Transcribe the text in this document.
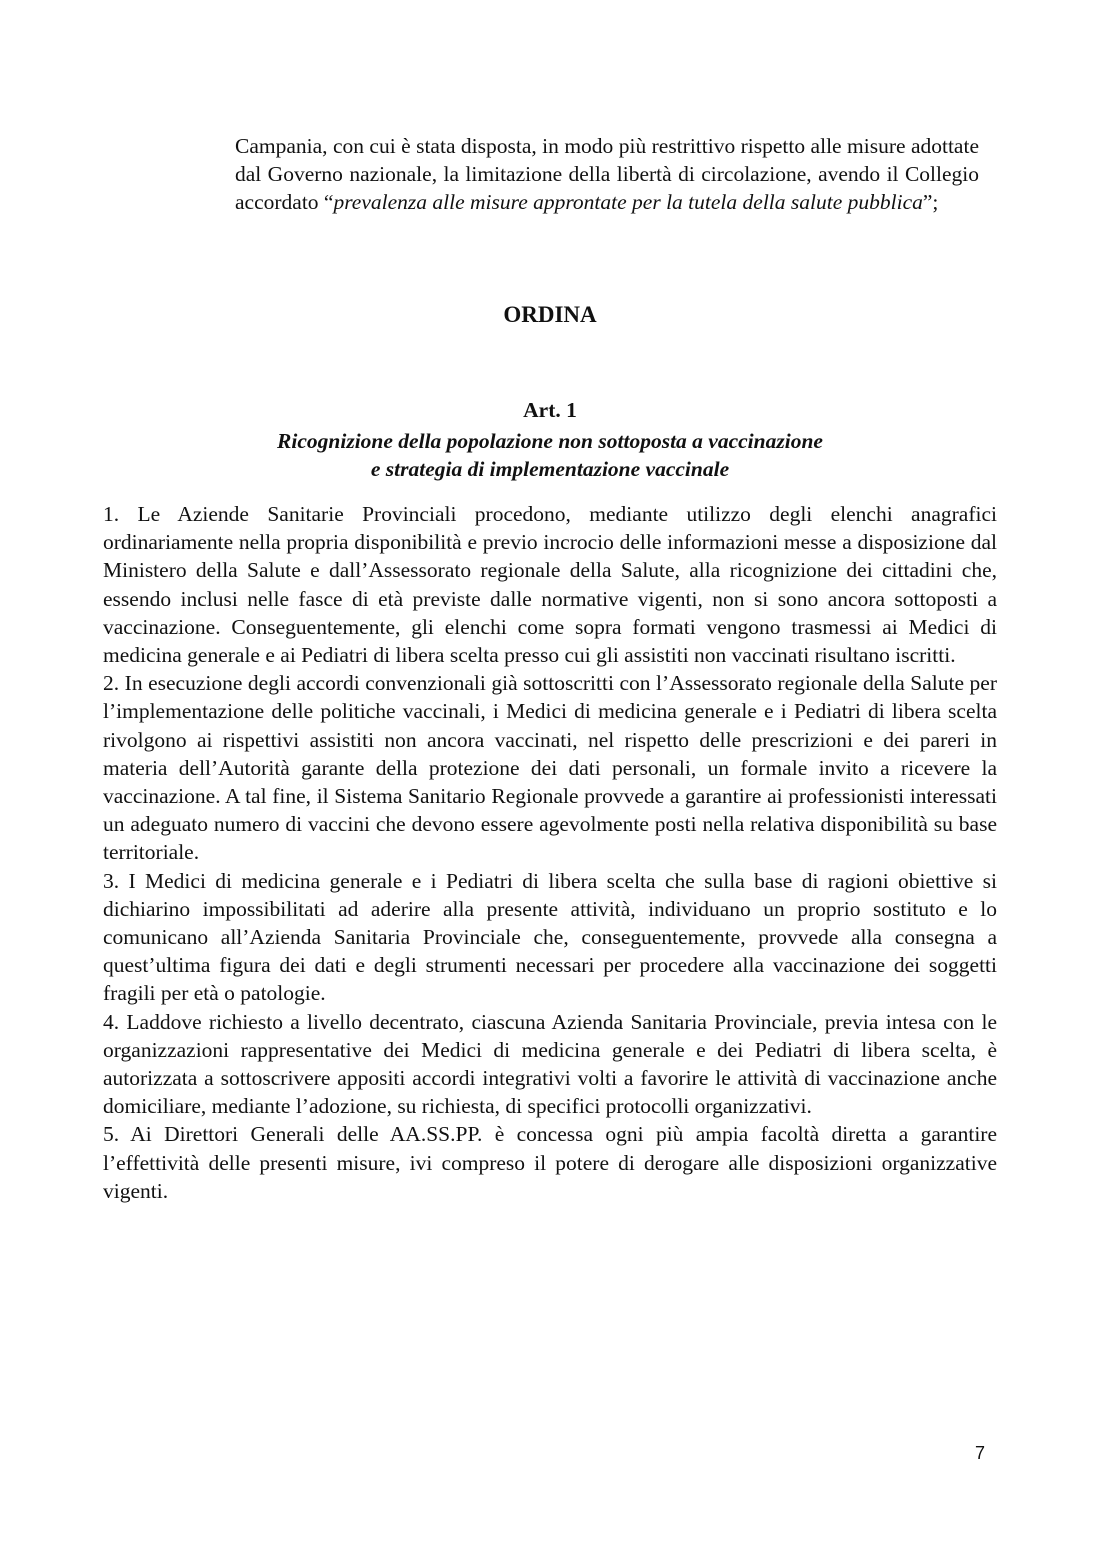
Campania, con cui è stata disposta, in modo più restrittivo rispetto alle misure adottate dal Governo nazionale, la limitazione della libertà di circolazione, avendo il Collegio accordato “prevalenza alle misure approntate per la tutela della salute pubblica”;

ORDINA
Art. 1
Ricognizione della popolazione non sottoposta a vaccinazione
e strategia di implementazione vaccinale

1. Le Aziende Sanitarie Provinciali procedono, mediante utilizzo degli elenchi anagrafici ordinariamente nella propria disponibilità e previo incrocio delle informazioni messe a disposizione dal Ministero della Salute e dall’Assessorato regionale della Salute, alla ricognizione dei cittadini che, essendo inclusi nelle fasce di età previste dalle normative vigenti, non si sono ancora sottoposti a vaccinazione. Conseguentemente, gli elenchi come sopra formati vengono trasmessi ai Medici di medicina generale e ai Pediatri di libera scelta presso cui gli assistiti non vaccinati risultano iscritti.

2. In esecuzione degli accordi convenzionali già sottoscritti con l’Assessorato regionale della Salute per l’implementazione delle politiche vaccinali, i Medici di medicina generale e i Pediatri di libera scelta rivolgono ai rispettivi assistiti non ancora vaccinati, nel rispetto delle prescrizioni e dei pareri in materia dell’Autorità garante della protezione dei dati personali, un formale invito a ricevere la vaccinazione. A tal fine, il Sistema Sanitario Regionale provvede a garantire ai professionisti interessati un adeguato numero di vaccini che devono essere agevolmente posti nella relativa disponibilità su base territoriale.

3. I Medici di medicina generale e i Pediatri di libera scelta che sulla base di ragioni obiettive si dichiarino impossibilitati ad aderire alla presente attività, individuano un proprio sostituto e lo comunicano all’Azienda Sanitaria Provinciale che, conseguentemente, provvede alla consegna a quest’ultima figura dei dati e degli strumenti necessari per procedere alla vaccinazione dei soggetti fragili per età o patologie.

4. Laddove richiesto a livello decentrato, ciascuna Azienda Sanitaria Provinciale, previa intesa con le organizzazioni rappresentative dei Medici di medicina generale e dei Pediatri di libera scelta, è autorizzata a sottoscrivere appositi accordi integrativi volti a favorire le attività di vaccinazione anche domiciliare, mediante l’adozione, su richiesta, di specifici protocolli organizzativi.

5. Ai Direttori Generali delle AA.SS.PP. è concessa ogni più ampia facoltà diretta a garantire l’effettività delle presenti misure, ivi compreso il potere di derogare alle disposizioni organizzative vigenti.

7
